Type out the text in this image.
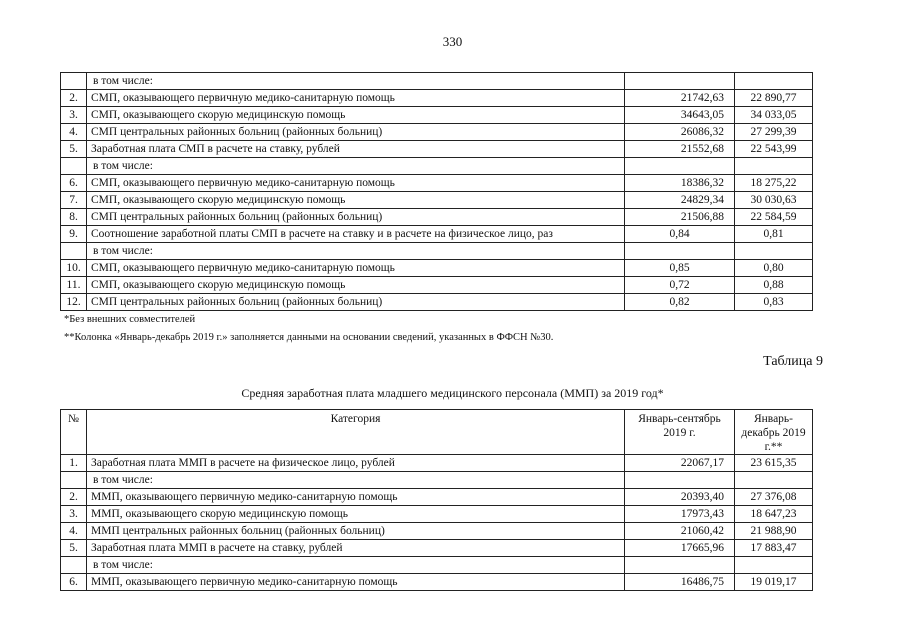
330
	в том числе:		
2.	СМП, оказывающего первичную медико-санитарную помощь	21742,63	22 890,77
3.	СМП, оказывающего скорую медицинскую помощь	34643,05	34 033,05
4.	СМП центральных районных больниц (районных больниц)	26086,32	27 299,39
5.	Заработная плата СМП в расчете на ставку, рублей	21552,68	22 543,99
	в том числе:		
6.	СМП, оказывающего первичную медико-санитарную помощь	18386,32	18 275,22
7.	СМП, оказывающего скорую медицинскую помощь	24829,34	30 030,63
8.	СМП центральных районных больниц (районных больниц)	21506,88	22 584,59
9.	Соотношение заработной платы СМП в расчете на ставку и в расчете на физическое лицо, раз	0,84	0,81
	в том числе:		
10.	СМП, оказывающего первичную медико-санитарную помощь	0,85	0,80
11.	СМП, оказывающего скорую медицинскую помощь	0,72	0,88
12.	СМП центральных районных больниц (районных больниц)	0,82	0,83
*Без внешних совместителей
**Колонка «Январь-декабрь 2019 г.» заполняется данными на основании сведений, указанных в ФФСН №30.
Таблица 9
Средняя заработная плата младшего медицинского персонала (ММП) за 2019 год*
№	Категория	Январь-сентябрь 2019 г.	Январь-декабрь 2019 г.**
1.	Заработная плата ММП в расчете на физическое лицо, рублей	22067,17	23 615,35
	в том числе:		
2.	ММП, оказывающего первичную медико-санитарную помощь	20393,40	27 376,08
3.	ММП, оказывающего скорую медицинскую помощь	17973,43	18 647,23
4.	ММП центральных районных больниц (районных больниц)	21060,42	21 988,90
5.	Заработная плата ММП в расчете на ставку, рублей	17665,96	17 883,47
	в том числе:		
6.	ММП, оказывающего первичную медико-санитарную помощь	16486,75	19 019,17
